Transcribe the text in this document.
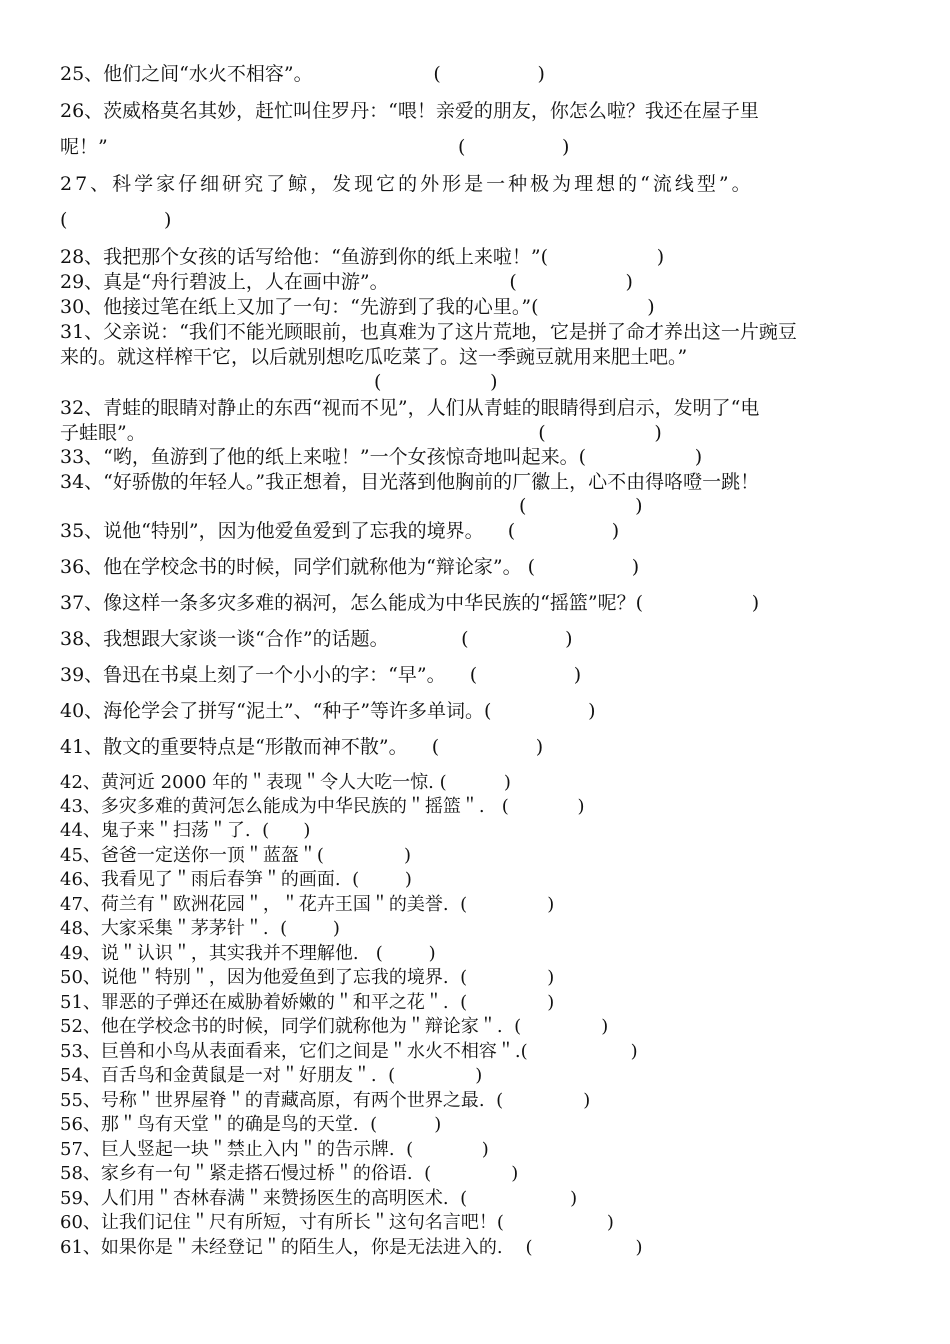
25、他们之间“水火不相容”。                    (                )
26、茨威格莫名其妙，赶忙叫住罗丹：“喂！亲爱的朋友，你怎么啦？我还在屋子里
呢！”                                                          (                )
27、科学家仔细研究了鲸，发现它的外形是一种极为理想的“流线型”。
(                )
28、我把那个女孩的话写给他：“鱼游到你的纸上来啦！”(                  )
29、真是“舟行碧波上，人在画中游”。                    (                  )
30、他接过笔在纸上又加了一句：“先游到了我的心里。”(                  )
31、父亲说：“我们不能光顾眼前，也真难为了这片荒地，它是拼了命才养出这一片豌豆
来的。就这样榨干它，以后就别想吃瓜吃菜了。这一季豌豆就用来肥土吧。”
(                  )
32、青蛙的眼睛对静止的东西“视而不见”，人们从青蛙的眼睛得到启示，发明了“电
子蛙眼”。                                                                 (                  )
33、“哟，鱼游到了他的纸上来啦！”一个女孩惊奇地叫起来。(                  )
34、“好骄傲的年轻人。”我正想着，目光落到他胸前的厂徽上，心不由得咯噔一跳！
(                  )
35、说他“特别”，因为他爱鱼爱到了忘我的境界。    (                )
36、他在学校念书的时候，同学们就称他为“辩论家”。 (                )
37、像这样一条多灾多难的祸河，怎么能成为中华民族的“摇篮”呢？(                  )
38、我想跟大家谈一谈“合作”的话题。            (                )
39、鲁迅在书桌上刻了一个小小的字：“早”。    (                )
40、海伦学会了拼写“泥土”、“种子”等许多单词。(                )
41、散文的重要特点是“形散而神不散”。    (                )
42、黄河近 2000 年的＂表现＂令人大吃一惊. (          )
43、多灾多难的黄河怎么能成为中华民族的＂摇篮＂.   (            )
44、鬼子来＂扫荡＂了.  (      )
45、爸爸一定送你一顶＂蓝盔＂(              )
46、我看见了＂雨后春笋＂的画面.  (        )
47、荷兰有＂欧洲花园＂，＂花卉王国＂的美誉.  (              )
48、大家采集＂茅茅针＂.  (        )
49、说＂认识＂，其实我并不理解他.   (        )
50、说他＂特别＂，因为他爱鱼到了忘我的境界.  (              )
51、罪恶的子弹还在威胁着娇嫩的＂和平之花＂.  (              )
52、他在学校念书的时候，同学们就称他为＂辩论家＂.  (              )
53、巨兽和小鸟从表面看来，它们之间是＂水火不相容＂.(                  )
54、百舌鸟和金黄鼠是一对＂好朋友＂.  (              )
55、号称＂世界屋脊＂的青藏高原，有两个世界之最.  (              )
56、那＂鸟有天堂＂的确是鸟的天堂.  (          )
57、巨人竖起一块＂禁止入内＂的告示牌.  (            )
58、家乡有一句＂紧走搭石慢过桥＂的俗语.  (              )
59、人们用＂杏林春满＂来赞扬医生的高明医术.  (                  )
60、让我们记住＂尺有所短，寸有所长＂这句名言吧！(                  )
61、如果你是＂未经登记＂的陌生人，你是无法进入的.    (                  )
